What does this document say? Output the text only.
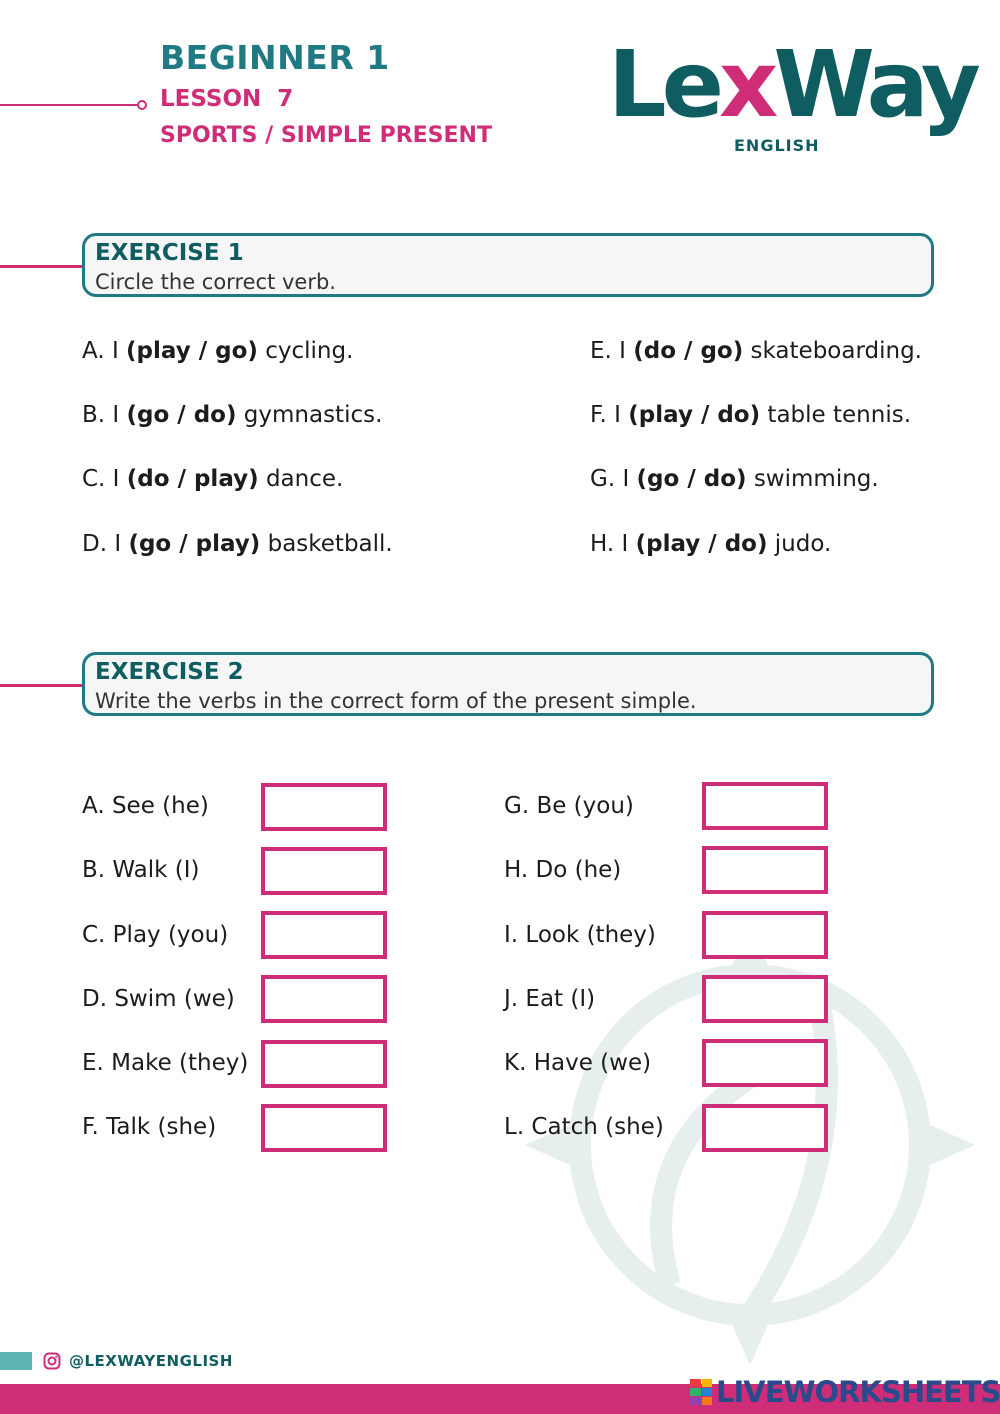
BEGINNER 1
LESSON  7
SPORTS / SIMPLE PRESENT LexWay
ENGLISH
EXERCISE 1
Circle the correct verb.
A. I (play / go) cycling.
B. I (go / do) gymnastics.
C. I (do / play) dance.
D. I (go / play) basketball.
E. I (do / go) skateboarding.
F. I (play / do) table tennis.
G. I (go / do) swimming.
H. I (play / do) judo.
EXERCISE 2
Write the verbs in the correct form of the present simple.
A. See (he)
B. Walk (I)
C. Play (you)
D. Swim (we)
E. Make (they)
F. Talk (she)
G. Be (you)
H. Do (he)
I. Look (they)
J. Eat (I)
K. Have (we)
L. Catch (she)
@LEXWAYENGLISH
LIVEWORKSHEETS
